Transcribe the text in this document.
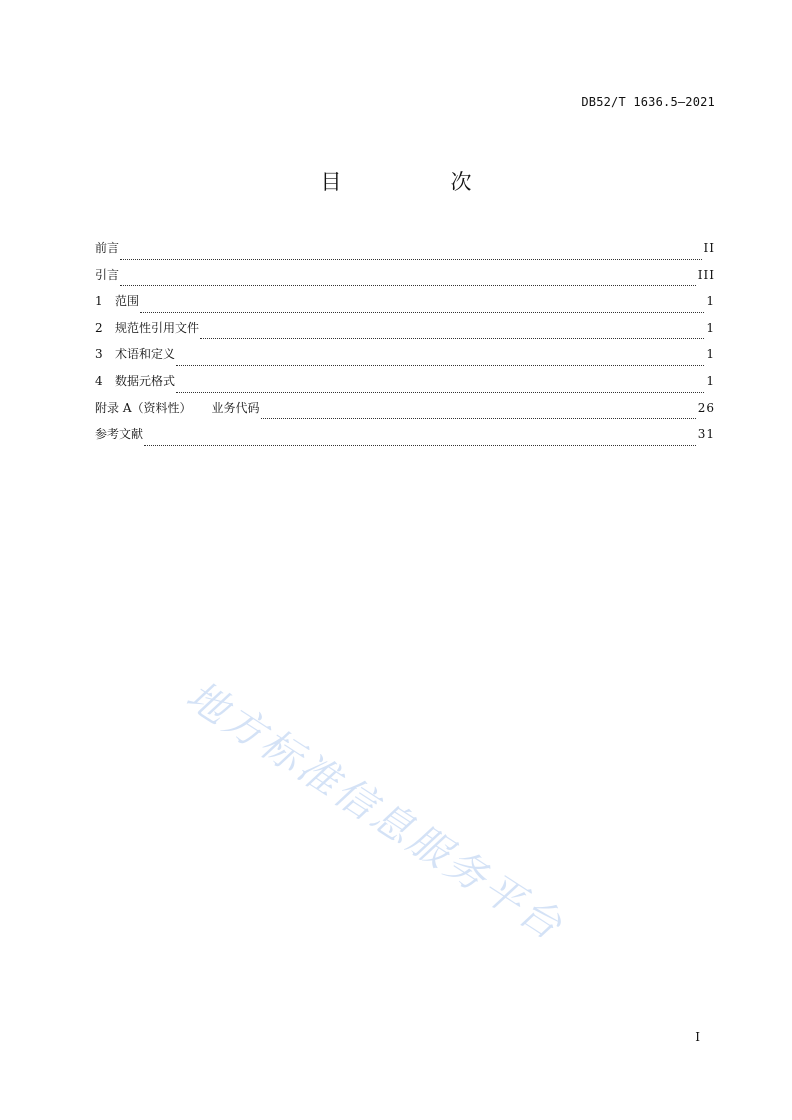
DB52/T 1636.5—2021
目　次
前言	II
引言	III
1	范围	1
2	规范性引用文件	1
3	术语和定义	1
4	数据元格式	1
附录 A（资料性） 业务代码	26
参考文献	31
地方标准信息服务平台
I
